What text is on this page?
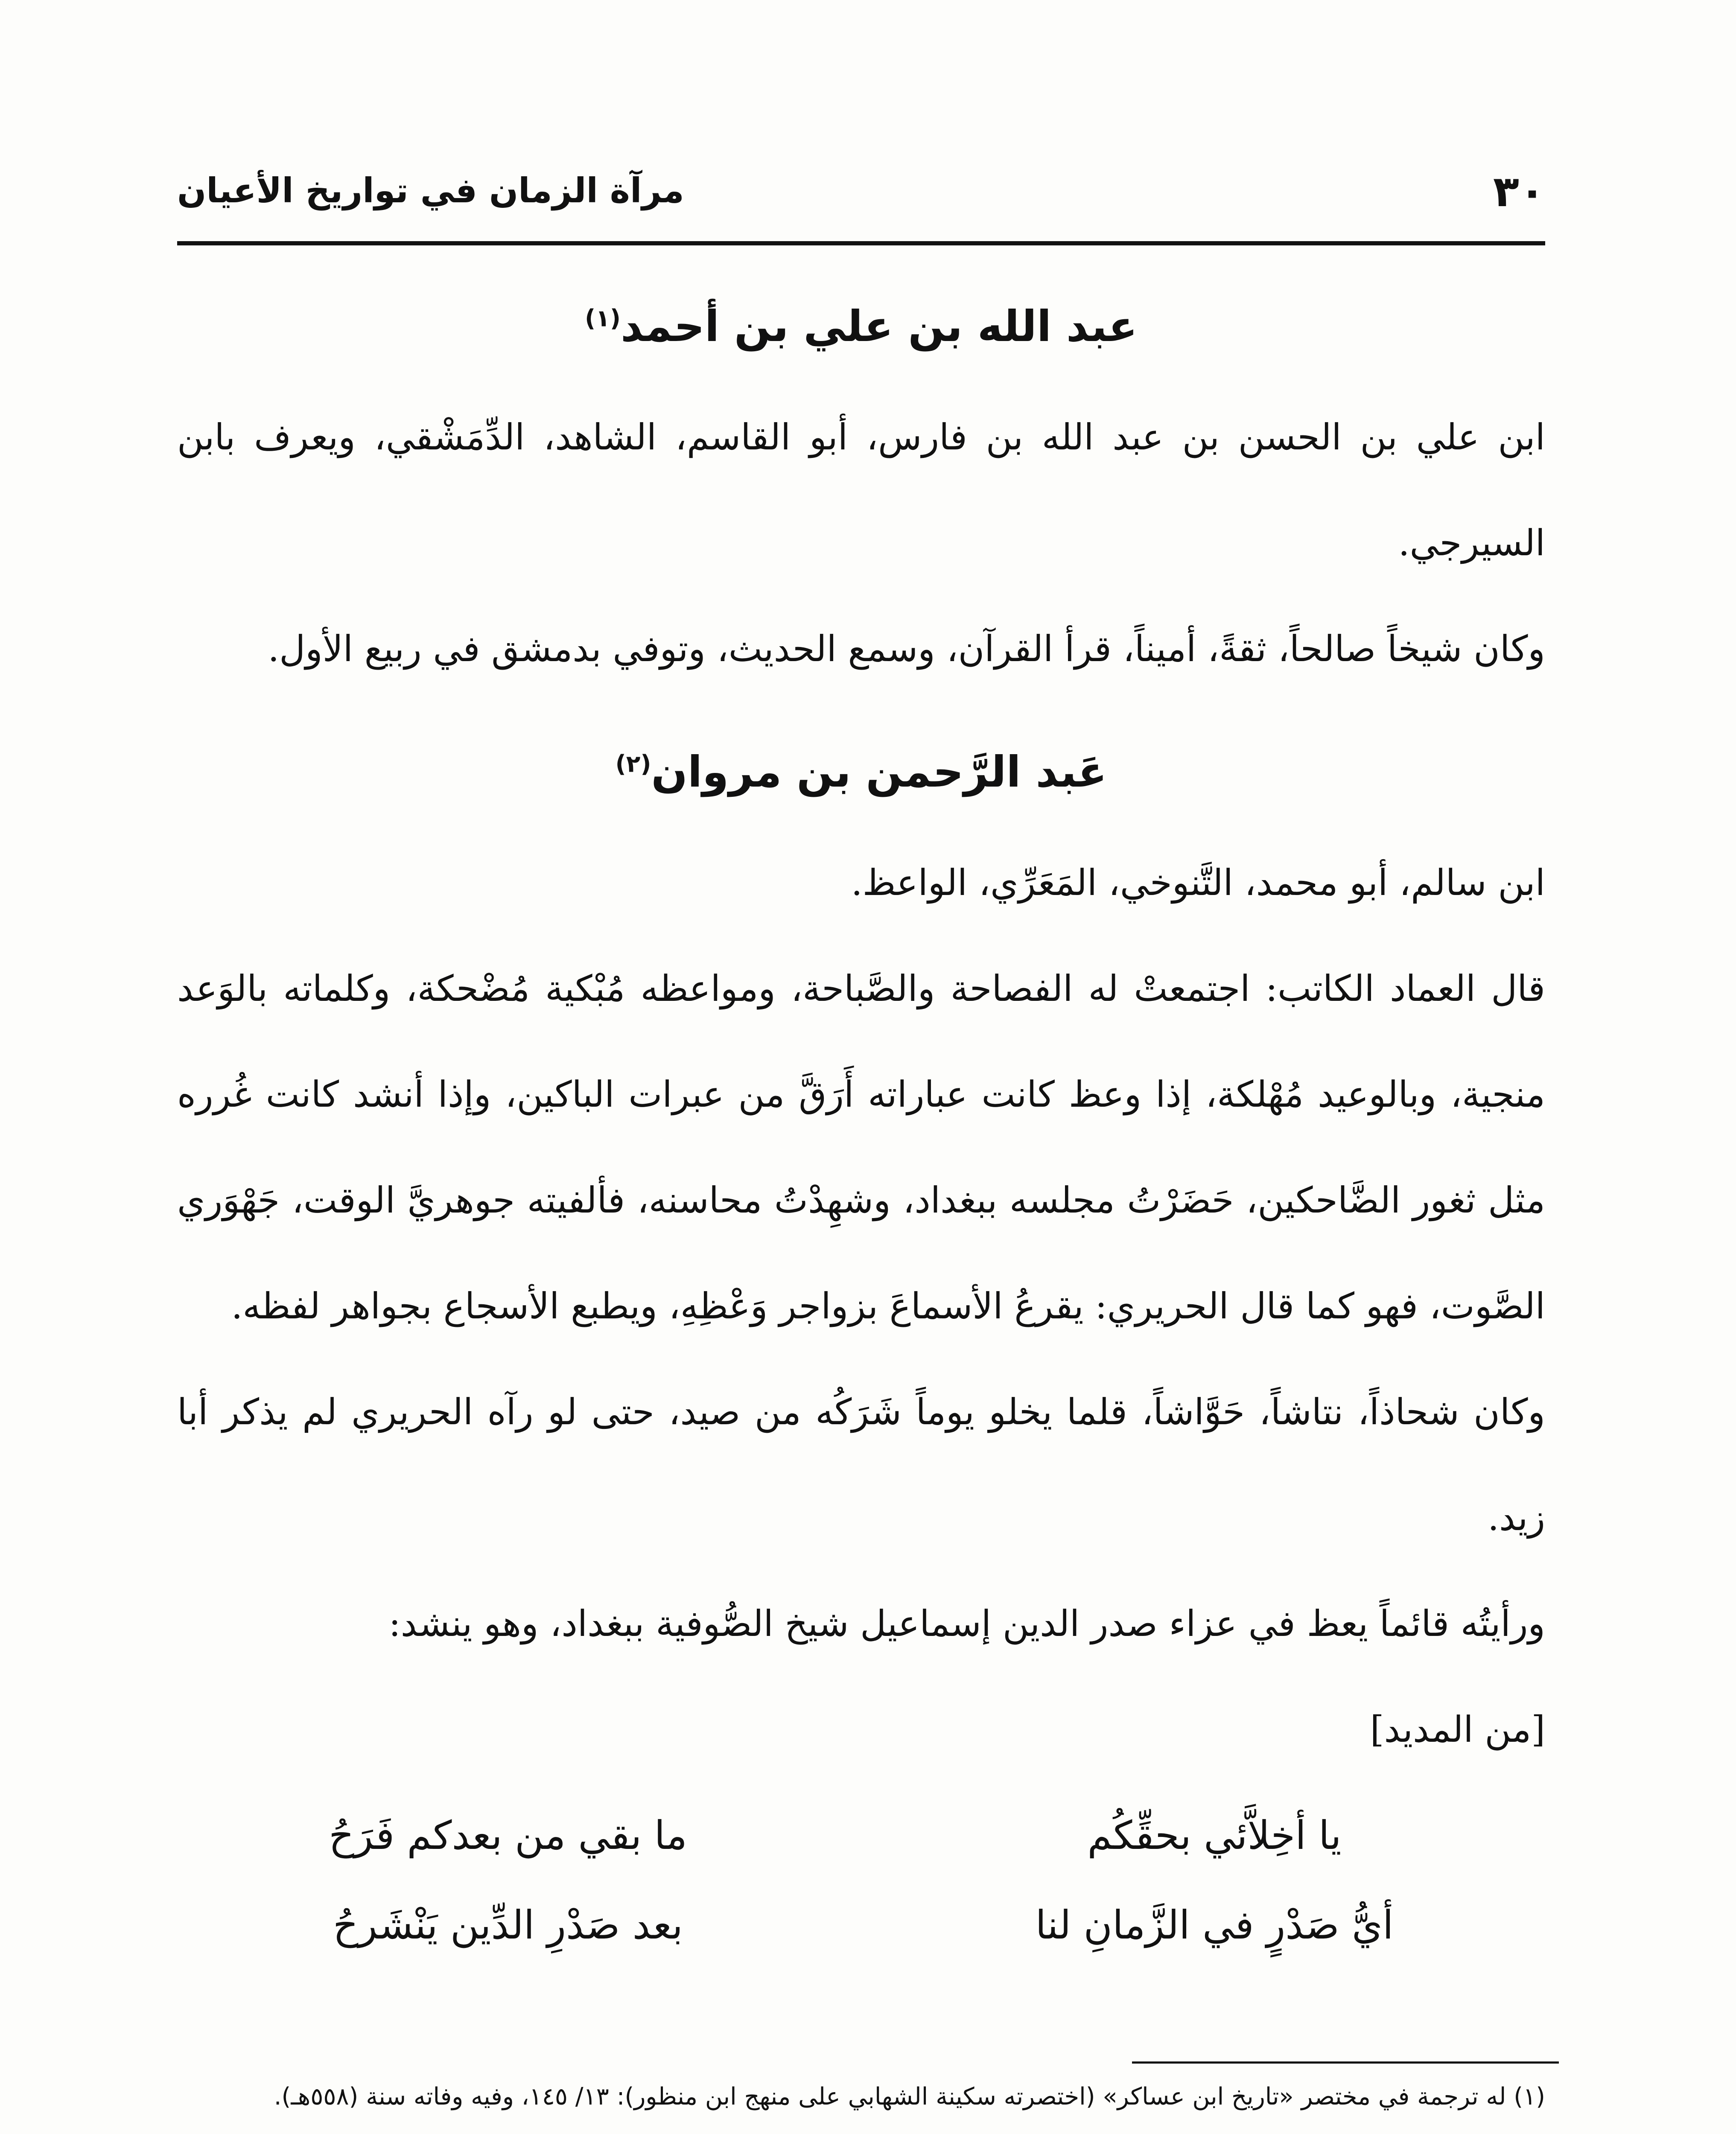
٣٠
مرآة الزمان في تواريخ الأعيان
عبد الله بن علي بن أحمد$^{(١)}$

ابن علي بن الحسن بن عبد الله بن فارس، أبو القاسم، الشاهد، الدِّمَشْقي، ويعرف بابن السيرجي.

وكان شيخاً صالحاً، ثقةً، أميناً، قرأ القرآن، وسمع الحديث، وتوفي بدمشق في ربيع الأول.

عَبد الرَّحمن بن مروان$^{(٢)}$

ابن سالم، أبو محمد، التَّنوخي، المَعَرِّي، الواعظ.

قال العماد الكاتب: اجتمعتْ له الفصاحة والصَّباحة، ومواعظه مُبْكية مُضْحكة، وكلماته بالوَعد منجية، وبالوعيد مُهْلكة، إذا وعظ كانت عباراته أَرَقَّ من عبرات الباكين، وإذا أنشد كانت غُرره مثل ثغور الضَّاحكين، حَضَرْتُ مجلسه ببغداد، وشهِدْتُ محاسنه، فألفيته جوهريَّ الوقت، جَهْوَري الصَّوت، فهو كما قال الحريري: يقرعُ الأسماعَ بزواجر وَعْظِهِ، ويطبع الأسجاع بجواهر لفظه.

وكان شحاذاً، نتاشاً، حَوَّاشاً، قلما يخلو يوماً شَرَكُه من صيد، حتى لو رآه الحريري لم يذكر أبا زيد.

ورأيتُه قائماً يعظ في عزاء صدر الدين إسماعيل شيخ الصُّوفية ببغداد، وهو ينشد:

[من المديد]

يا أخِلاَّئي بحقِّكُم
ما بقي من بعدكم فَرَحُ
أيُّ صَدْرٍ في الزَّمانِ لنا
بعد صَدْرِ الدِّين يَنْشَرحُ

(١) له ترجمة في مختصر «تاريخ ابن عساكر» (اختصرته سكينة الشهابي على منهج ابن منظور): ١٣/ ١٤٥، وفيه وفاته سنة (٥٥٨هـ).
